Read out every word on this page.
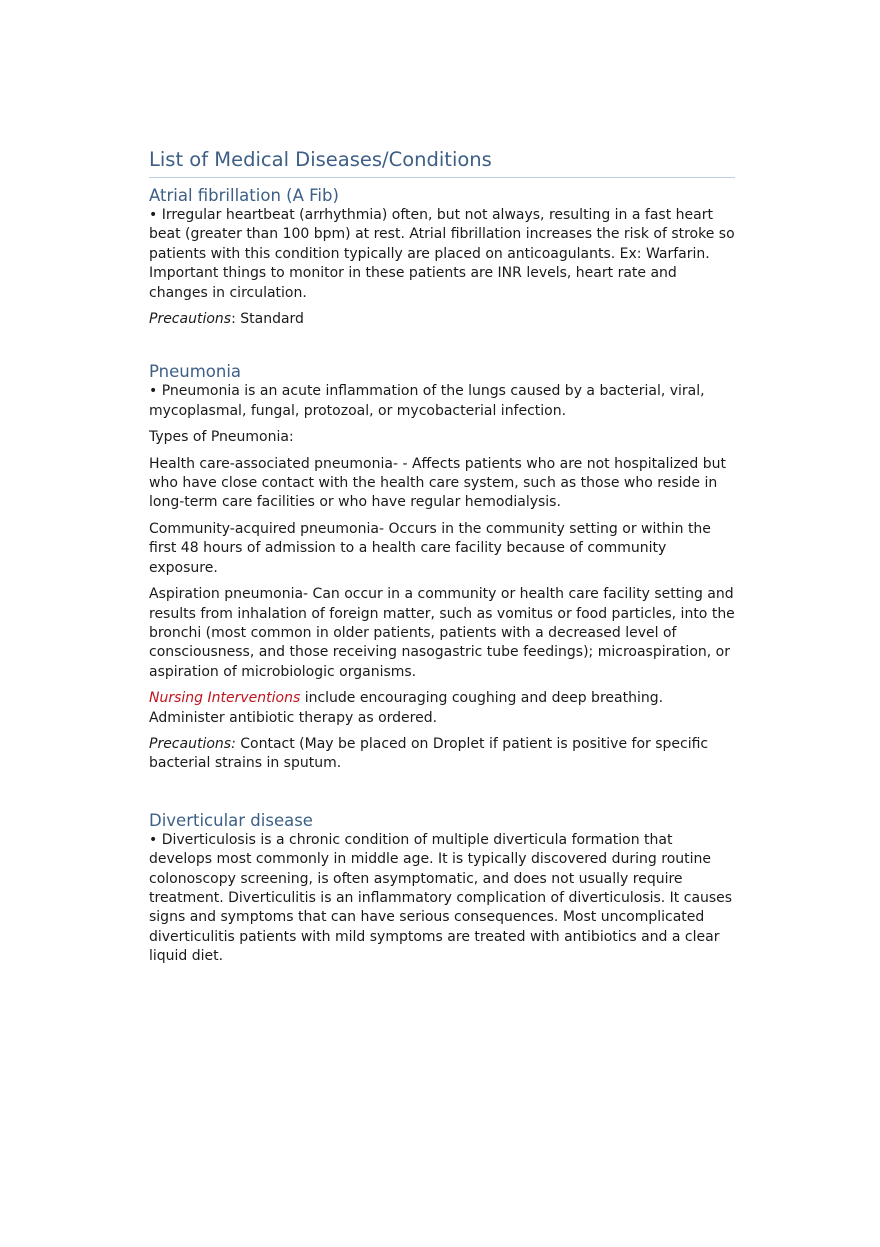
List of Medical Diseases/Conditions
Atrial fibrillation (A Fib)

• Irregular heartbeat (arrhythmia) often, but not always, resulting in a fast heart beat (greater than 100 bpm) at rest. Atrial fibrillation increases the risk of stroke so patients with this condition typically are placed on anticoagulants. Ex: Warfarin. Important things to monitor in these patients are INR levels, heart rate and changes in circulation.

Precautions: Standard

Pneumonia

• Pneumonia is an acute inflammation of the lungs caused by a bacterial, viral, mycoplasmal, fungal, protozoal, or mycobacterial infection.

Types of Pneumonia:

Health care-associated pneumonia- - Affects patients who are not hospitalized but who have close contact with the health care system, such as those who reside in long-term care facilities or who have regular hemodialysis.

Community-acquired pneumonia- Occurs in the community setting or within the first 48 hours of admission to a health care facility because of community exposure.

Aspiration pneumonia- Can occur in a community or health care facility setting and results from inhalation of foreign matter, such as vomitus or food particles, into the bronchi (most common in older patients, patients with a decreased level of consciousness, and those receiving nasogastric tube feedings); microaspiration, or aspiration of microbiologic organisms.

Nursing Interventions include encouraging coughing and deep breathing. Administer antibiotic therapy as ordered.

Precautions: Contact (May be placed on Droplet if patient is positive for specific bacterial strains in sputum.

Diverticular disease

• Diverticulosis is a chronic condition of multiple diverticula formation that develops most commonly in middle age. It is typically discovered during routine colonoscopy screening, is often asymptomatic, and does not usually require treatment. Diverticulitis is an inflammatory complication of diverticulosis. It causes signs and symptoms that can have serious consequences. Most uncomplicated diverticulitis patients with mild symptoms are treated with antibiotics and a clear liquid diet.
